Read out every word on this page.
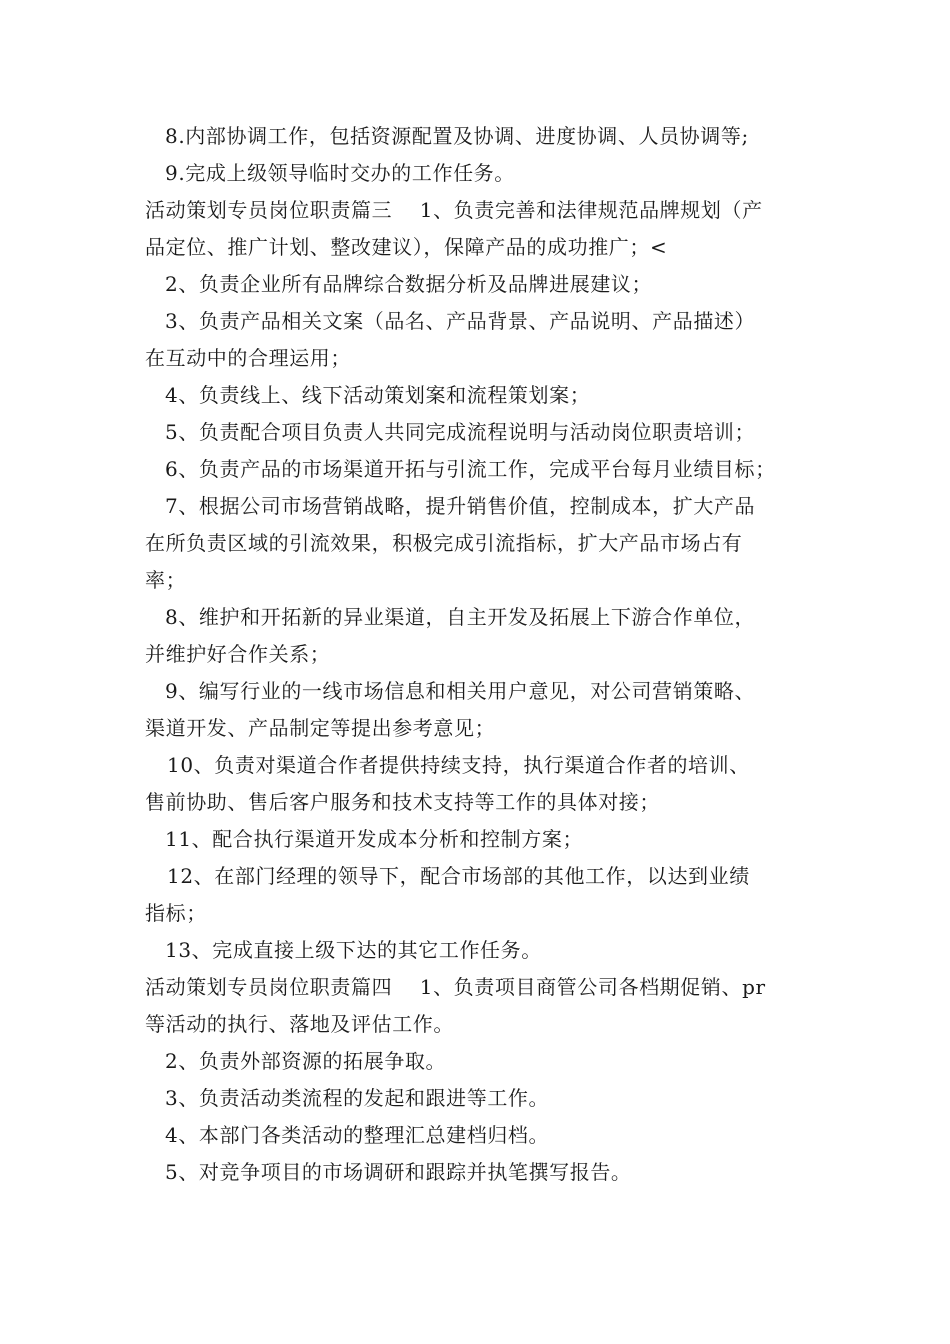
8.内部协调工作，包括资源配置及协调、进度协调、人员协调等;
9.完成上级领导临时交办的工作任务。
活动策划专员岗位职责篇三　 1、负责完善和法律规范品牌规划（产
品定位、推广计划、整改建议），保障产品的成功推广；<
2、负责企业所有品牌综合数据分析及品牌进展建议；
3、负责产品相关文案（品名、产品背景、产品说明、产品描述）
在互动中的合理运用；
4、负责线上、线下活动策划案和流程策划案；
5、负责配合项目负责人共同完成流程说明与活动岗位职责培训；
6、负责产品的市场渠道开拓与引流工作，完成平台每月业绩目标；
7、根据公司市场营销战略，提升销售价值，控制成本，扩大产品
在所负责区域的引流效果，积极完成引流指标，扩大产品市场占有
率；
8、维护和开拓新的异业渠道，自主开发及拓展上下游合作单位，
并维护好合作关系；
9、编写行业的一线市场信息和相关用户意见，对公司营销策略、
渠道开发、产品制定等提出参考意见；
10、负责对渠道合作者提供持续支持，执行渠道合作者的培训、
售前协助、售后客户服务和技术支持等工作的具体对接；
11、配合执行渠道开发成本分析和控制方案；
12、在部门经理的领导下，配合市场部的其他工作，以达到业绩
指标；
13、完成直接上级下达的其它工作任务。
活动策划专员岗位职责篇四　 1、负责项目商管公司各档期促销、pr
等活动的执行、落地及评估工作。
2、负责外部资源的拓展争取。
3、负责活动类流程的发起和跟进等工作。
4、本部门各类活动的整理汇总建档归档。
5、对竞争项目的市场调研和跟踪并执笔撰写报告。
